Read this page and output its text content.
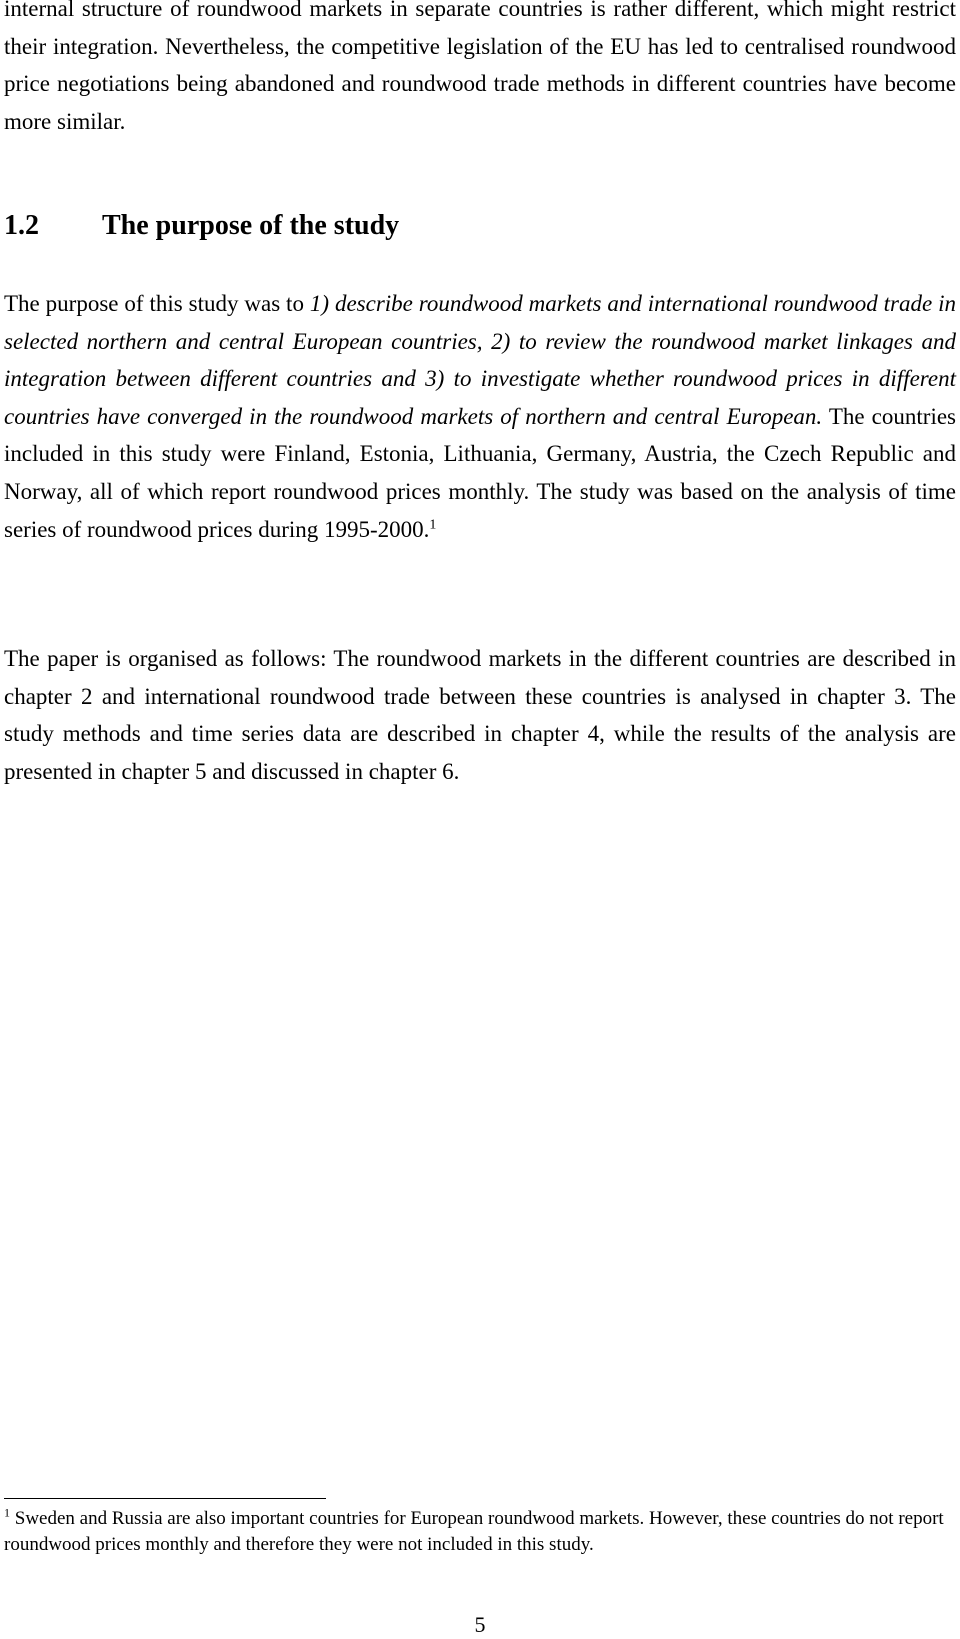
internal structure of roundwood markets in separate countries is rather different, which might restrict their integration. Nevertheless, the competitive legislation of the EU has led to centralised roundwood price negotiations being abandoned and roundwood trade methods in different countries have become more similar.

1.2 The purpose of the study

The purpose of this study was to 1) describe roundwood markets and international roundwood trade in selected northern and central European countries, 2) to review the roundwood market linkages and integration between different countries and 3) to investigate whether roundwood prices in different countries have converged in the roundwood markets of northern and central European. The countries included in this study were Finland, Estonia, Lithuania, Germany, Austria, the Czech Republic and Norway, all of which report roundwood prices monthly. The study was based on the analysis of time series of roundwood prices during 1995-2000.$^1$

The paper is organised as follows: The roundwood markets in the different countries are described in chapter 2 and international roundwood trade between these countries is analysed in chapter 3. The study methods and time series data are described in chapter 4, while the results of the analysis are presented in chapter 5 and discussed in chapter 6.

$^1$ Sweden and Russia are also important countries for European roundwood markets. However, these countries do not report roundwood prices monthly and therefore they were not included in this study.

5
